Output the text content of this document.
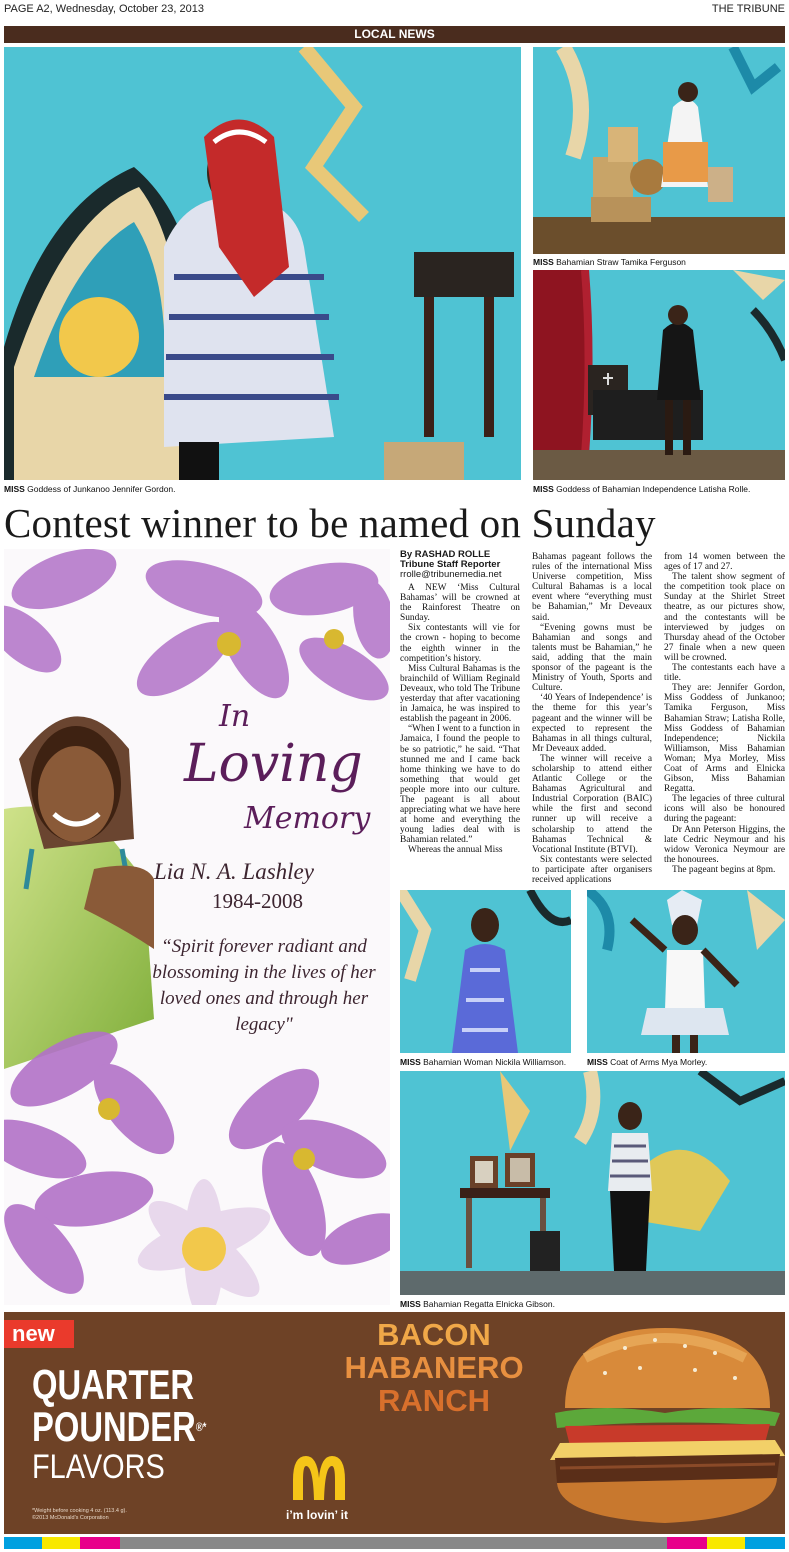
PAGE A2, Wednesday, October 23, 2013	THE TRIBUNE
LOCAL NEWS
MISS Goddess of Junkanoo Jennifer Gordon.
MISS Bahamian Straw Tamika Ferguson
MISS Goddess of Bahamian Independence Latisha Rolle.
Contest winner to be named on Sunday
In
Loving
Memory
Lia N. A. Lashley
1984-2008
“Spirit forever radiant and blossoming in the lives of her loved ones and through her legacy"
By RASHAD ROLLE
Tribune Staff Reporter
rrolle@tribunemedia.net

A NEW ‘Miss Cultural Bahamas’ will be crowned at the Rainforest Theatre on Sunday.

Six contestants will vie for the crown - hoping to become the eighth winner in the competition’s history.

Miss Cultural Bahamas is the brainchild of William Reginald Deveaux, who told The Tribune yesterday that after vacationing in Jamaica, he was inspired to establish the pageant in 2006.

“When I went to a function in Jamaica, I found the people to be so patriotic,” he said. “That stunned me and I came back home thinking we have to do something that would get people more into our culture. The pageant is all about appreciating what we have here at home and everything the young ladies deal with is Bahamian related.”

Whereas the annual Miss

Bahamas pageant follows the rules of the international Miss Universe competition, Miss Cultural Bahamas is a local event where “everything must be Bahamian,” Mr Deveaux said.

“Evening gowns must be Bahamian and songs and talents must be Bahamian,” he said, adding that the main sponsor of the pageant is the Ministry of Youth, Sports and Culture.

‘40 Years of Independence’ is the theme for this year’s pageant and the winner will be expected to represent the Bahamas in all things cultural, Mr Deveaux added.

The winner will receive a scholarship to attend either Atlantic College or the Bahamas Agricultural and Industrial Corporation (BAIC) while the first and second runner up will receive a scholarship to attend the Bahamas Technical & Vocational Institute (BTVI).

Six contestants were selected to participate after organisers received applications

from 14 women between the ages of 17 and 27.

The talent show segment of the competition took place on Sunday at the Shirlet Street theatre, as our pictures show, and the contestants will be interviewed by judges on Thursday ahead of the October 27 finale when a new queen will be crowned.

The contestants each have a title.

They are: Jennifer Gordon, Miss Goddess of Junkanoo; Tamika Ferguson, Miss Bahamian Straw; Latisha Rolle, Miss Goddess of Bahamian Independence; Nickila Williamson, Miss Bahamian Woman; Mya Morley, Miss Coat of Arms and Elnicka Gibson, Miss Bahamian Regatta.

The legacies of three cultural icons will also be honoured during the pageant:

Dr Ann Peterson Higgins, the late Cedric Neymour and his widow Veronica Neymour are the honourees.

The pageant begins at 8pm.

MISS Bahamian Woman Nickila Williamson. MISS Coat of Arms Mya Morley.
MISS Bahamian Regatta Elnicka Gibson.
new
QUARTER
POUNDER®*
FLAVORS
*Weight before cooking 4 oz. (113.4 g).
©2013 McDonald's Corporation
BACON
HABANERO
RANCH
i’m lovin’ it
